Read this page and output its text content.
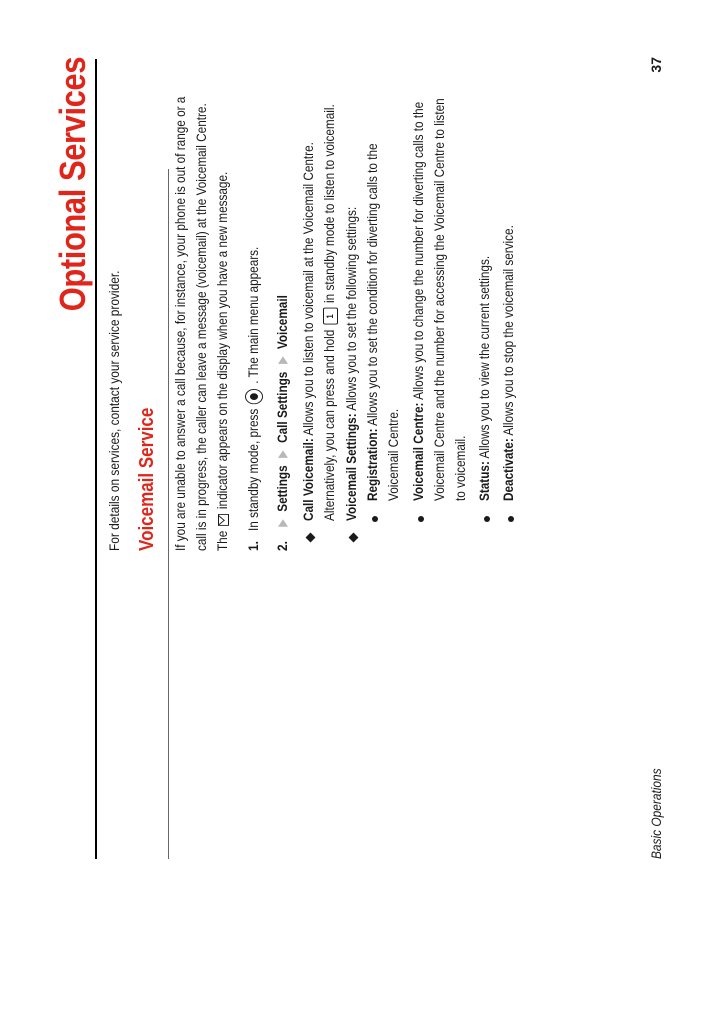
Optional Services
For details on services, contact your service provider. Voicemail Service If you are unable to answer a call because, for instance, your phone is out of range or a call is in progress, the caller can leave a message (voicemail) at the Voicemail Centre. The  indicator appears on the display when you have a new message.
1.
In standby mode, press  . The main menu appears.
2.
Settings  Call Settings  Voicemail
Call Voicemail: Allows you to listen to voicemail at the Voicemail Centre. Alternatively, you can press and hold 1 in standby mode to listen to voicemail.
Voicemail Settings: Allows you to set the following settings:
Registration: Allows you to set the condition for diverting calls to the
Voicemail Centre. Voicemail Centre: Allows you to change the number for diverting calls to the Voicemail Centre and the number for accessing the Voicemail Centre to listen to voicemail. Status: Allows you to view the current settings.
Deactivate: Allows you to stop the voicemail service.
Basic Operations
37
